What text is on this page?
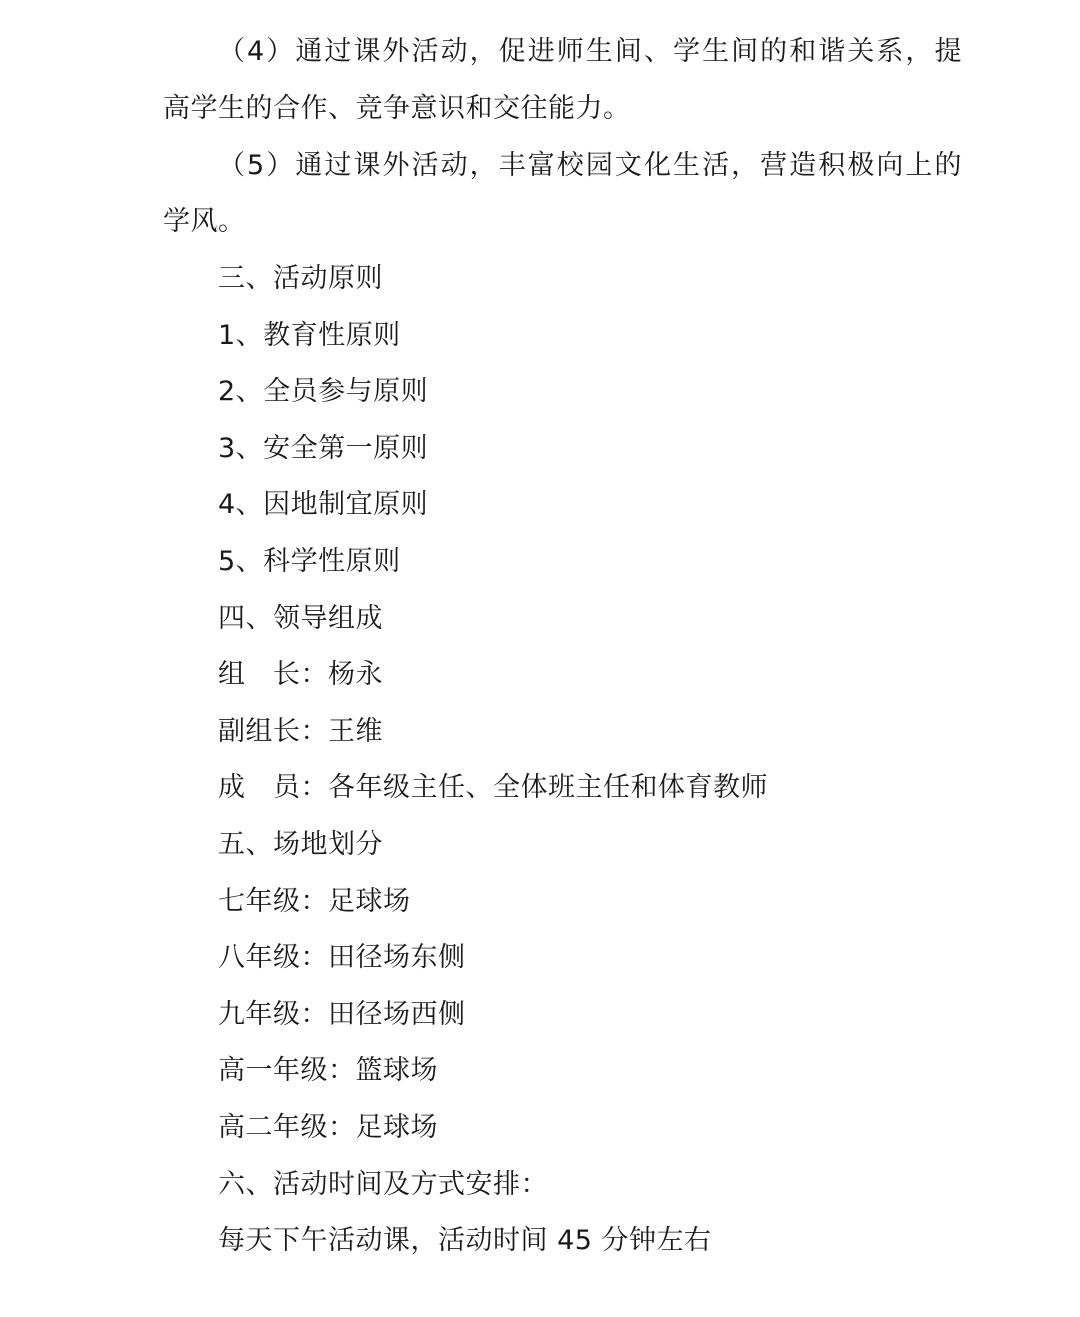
（4）通过课外活动，促进师生间、学生间的和谐关系，提
高学生的合作、竞争意识和交往能力。
（5）通过课外活动，丰富校园文化生活，营造积极向上的
学风。
三、活动原则
1、教育性原则
2、全员参与原则
3、安全第一原则
4、因地制宜原则
5、科学性原则
四、领导组成
组　长：杨永
副组长：王维
成　员：各年级主任、全体班主任和体育教师
五、场地划分
七年级：足球场
八年级：田径场东侧
九年级：田径场西侧
高一年级：篮球场
高二年级：足球场
六、活动时间及方式安排：
每天下午活动课，活动时间 45 分钟左右
